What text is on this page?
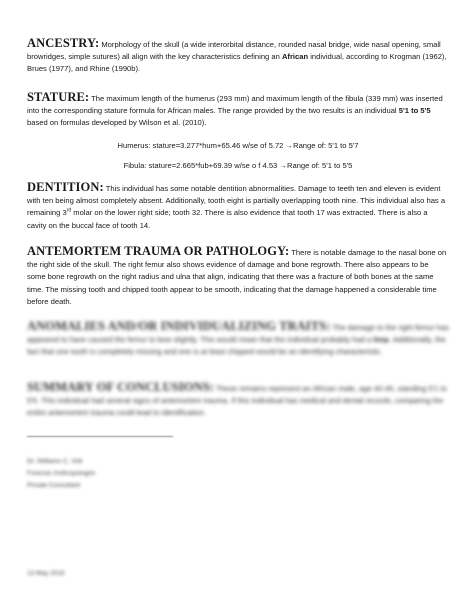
ANCESTRY: Morphology of the skull (a wide interorbital distance, rounded nasal bridge, wide nasal opening, small browridges, simple sutures) all align with the key characteristics defining an African individual, according to Krogman (1962), Brues (1977), and Rhine (1990b).
STATURE: The maximum length of the humerus (293 mm) and maximum length of the fibula (339 mm) was inserted into the corresponding stature formula for African males. The range provided by the two results is an individual 5'1 to 5'5 based on formulas developed by Wilson et al. (2010).
Humerus: stature=3.277*hum+65.46 w/se of 5.72 →Range of: 5'1 to 5'7
Fibula: stature=2.665*fub+69.39 w/se o f 4.53 →Range of: 5'1 to 5'5
DENTITION: This individual has some notable dentition abnormalities. Damage to teeth ten and eleven is evident with ten being almost completely absent. Additionally, tooth eight is partially overlapping tooth nine. This individual also has a remaining 3rd molar on the lower right side; tooth 32. There is also evidence that tooth 17 was extracted. There is also a cavity on the buccal face of tooth 14.
ANTEMORTEM TRAUMA OR PATHOLOGY: There is notable damage to the nasal bone on the right side of the skull. The right femur also shows evidence of damage and bone regrowth. There also appears to be some bone regrowth on the right radius and ulna that align, indicating that there was a fracture of both bones at the same time. The missing tooth and chipped tooth appear to be smooth, indicating that the damage happened a considerable time before death.
ANOMALIES AND/OR INDIVIDUALIZING TRAITS: The damage to the right femur has appeared to have caused the femur to bow slightly. This would mean that the individual probably had a limp. Additionally, the fact that one tooth is completely missing and one is at least chipped would be an identifying characteristic.
SUMMARY OF CONCLUSIONS: These remains represent an African male, age 40-45, standing 5'1 to 5'5. This individual had several signs of antemortem trauma. If this individual has medical and dental records, comparing the entire antemortem trauma could lead to identification.
Dr. Williams C. Volt
Forensic Anthropologist
Private Consultant
13 May 2016
